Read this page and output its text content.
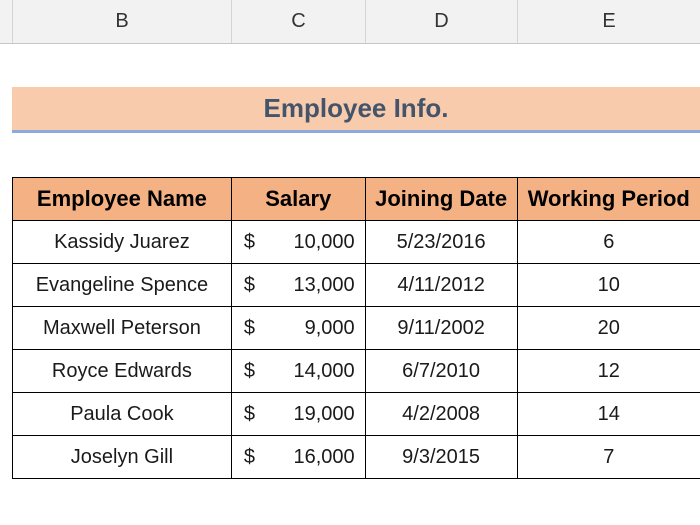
B	C	D	E
Employee Info.
Employee Name	Salary	Joining Date	Working Period
Kassidy Juarez	$ 10,000	5/23/2016	6
Evangeline Spence	$ 13,000	4/11/2012	10
Maxwell Peterson	$ 9,000	9/11/2002	20
Royce Edwards	$ 14,000	6/7/2010	12
Paula Cook	$ 19,000	4/2/2008	14
Joselyn Gill	$ 16,000	9/3/2015	7
